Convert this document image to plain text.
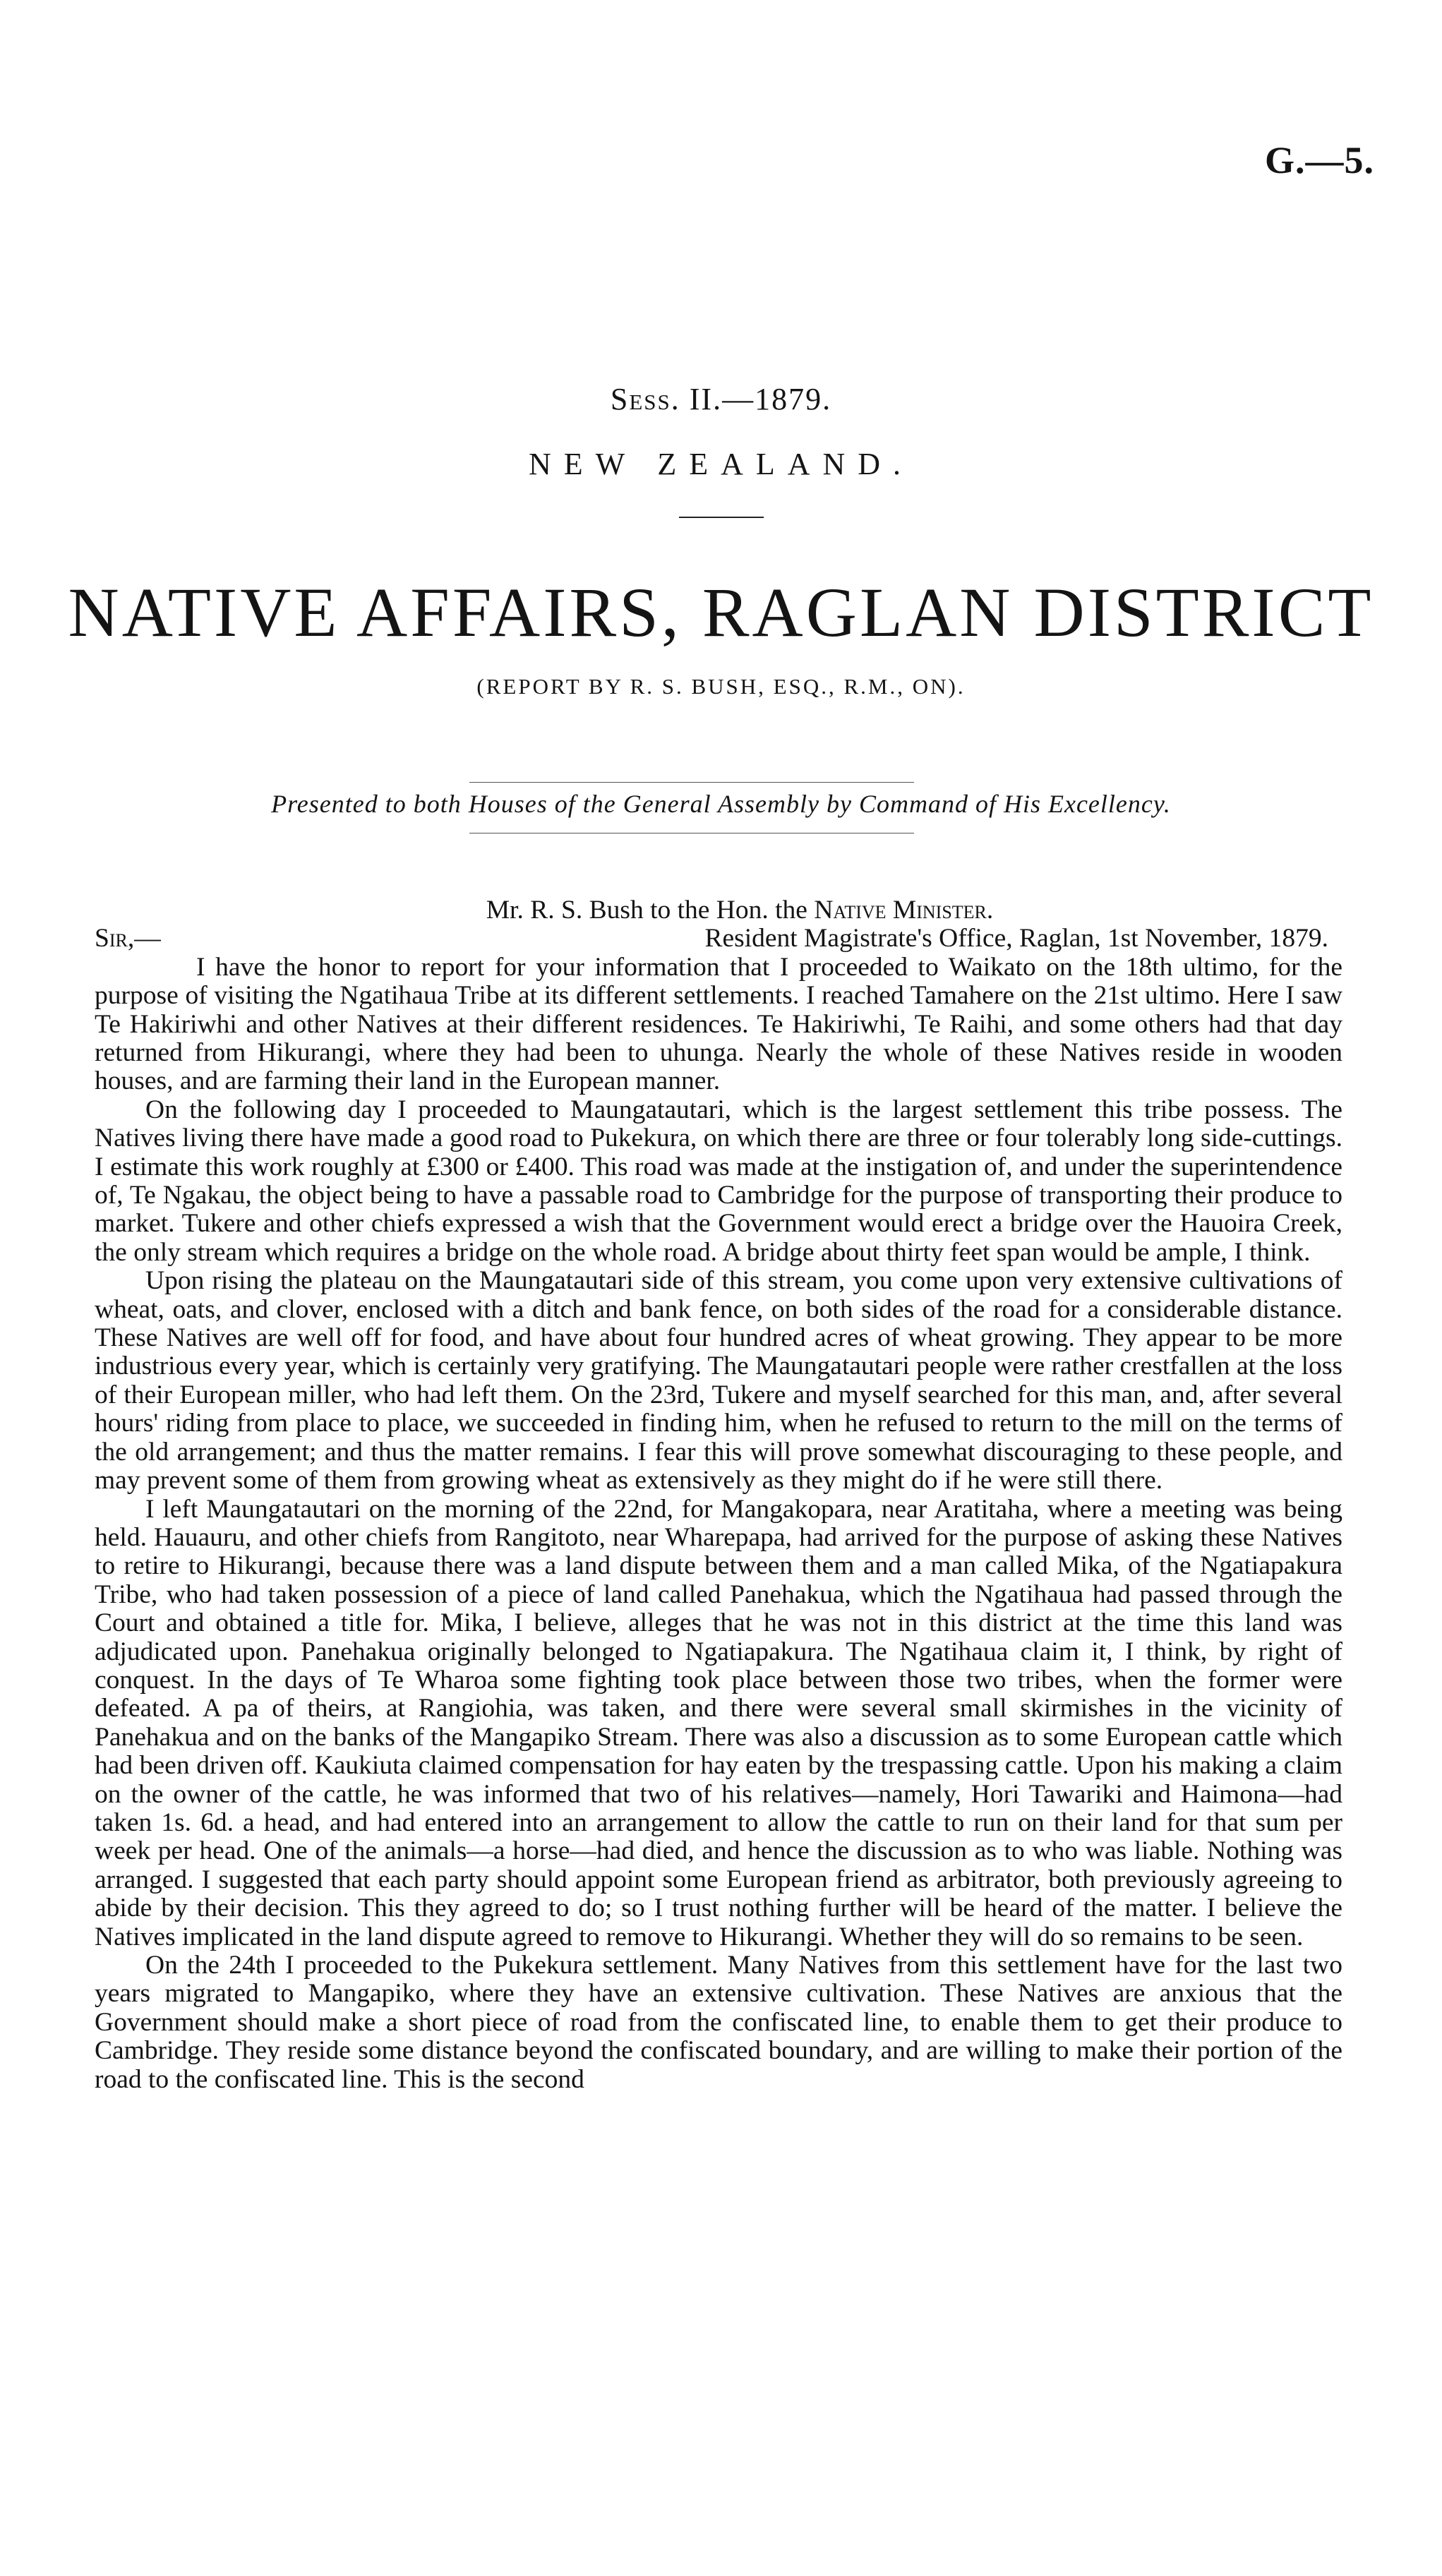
G.—5.
Sess. II.—1879.
NEW ZEALAND.
NATIVE AFFAIRS, RAGLAN DISTRICT
(REPORT BY R. S. BUSH, ESQ., R.M., ON).
Presented to both Houses of the General Assembly by Command of His Excellency.
Mr. R. S. Bush to the Hon. the Native Minister.
Sir,—	Resident Magistrate's Office, Raglan, 1st November, 1879.

I have the honor to report for your information that I proceeded to Waikato on the 18th ultimo, for the purpose of visiting the Ngatihaua Tribe at its different settlements. I reached Tamahere on the 21st ultimo. Here I saw Te Hakiriwhi and other Natives at their different residences. Te Hakiriwhi, Te Raihi, and some others had that day returned from Hikurangi, where they had been to uhunga. Nearly the whole of these Natives reside in wooden houses, and are farming their land in the European manner.

On the following day I proceeded to Maungatautari, which is the largest settlement this tribe possess. The Natives living there have made a good road to Pukekura, on which there are three or four tolerably long side-cuttings. I estimate this work roughly at £300 or £400. This road was made at the instigation of, and under the superintendence of, Te Ngakau, the object being to have a passable road to Cambridge for the purpose of transporting their produce to market. Tukere and other chiefs expressed a wish that the Government would erect a bridge over the Hauoira Creek, the only stream which requires a bridge on the whole road. A bridge about thirty feet span would be ample, I think.

Upon rising the plateau on the Maungatautari side of this stream, you come upon very extensive cultivations of wheat, oats, and clover, enclosed with a ditch and bank fence, on both sides of the road for a considerable distance. These Natives are well off for food, and have about four hundred acres of wheat growing. They appear to be more industrious every year, which is certainly very gratifying. The Maungatautari people were rather crestfallen at the loss of their European miller, who had left them. On the 23rd, Tukere and myself searched for this man, and, after several hours' riding from place to place, we succeeded in finding him, when he refused to return to the mill on the terms of the old arrangement; and thus the matter remains. I fear this will prove somewhat discouraging to these people, and may prevent some of them from growing wheat as extensively as they might do if he were still there.

I left Maungatautari on the morning of the 22nd, for Mangakopara, near Aratitaha, where a meeting was being held. Hauauru, and other chiefs from Rangitoto, near Wharepapa, had arrived for the purpose of asking these Natives to retire to Hikurangi, because there was a land dispute between them and a man called Mika, of the Ngatiapakura Tribe, who had taken possession of a piece of land called Panehakua, which the Ngatihaua had passed through the Court and obtained a title for. Mika, I believe, alleges that he was not in this district at the time this land was adjudicated upon. Panehakua originally belonged to Ngatiapakura. The Ngatihaua claim it, I think, by right of conquest. In the days of Te Wharoa some fighting took place between those two tribes, when the former were defeated. A pa of theirs, at Rangiohia, was taken, and there were several small skirmishes in the vicinity of Panehakua and on the banks of the Mangapiko Stream. There was also a discussion as to some European cattle which had been driven off. Kaukiuta claimed compensation for hay eaten by the trespassing cattle. Upon his making a claim on the owner of the cattle, he was informed that two of his relatives—namely, Hori Tawariki and Haimona—had taken 1s. 6d. a head, and had entered into an arrangement to allow the cattle to run on their land for that sum per week per head. One of the animals—a horse—had died, and hence the discussion as to who was liable. Nothing was arranged. I suggested that each party should appoint some European friend as arbitrator, both previously agreeing to abide by their decision. This they agreed to do; so I trust nothing further will be heard of the matter. I believe the Natives implicated in the land dispute agreed to remove to Hikurangi. Whether they will do so remains to be seen.

On the 24th I proceeded to the Pukekura settlement. Many Natives from this settlement have for the last two years migrated to Mangapiko, where they have an extensive cultivation. These Natives are anxious that the Government should make a short piece of road from the confiscated line, to enable them to get their produce to Cambridge. They reside some distance beyond the confiscated boundary, and are willing to make their portion of the road to the confiscated line. This is the second
